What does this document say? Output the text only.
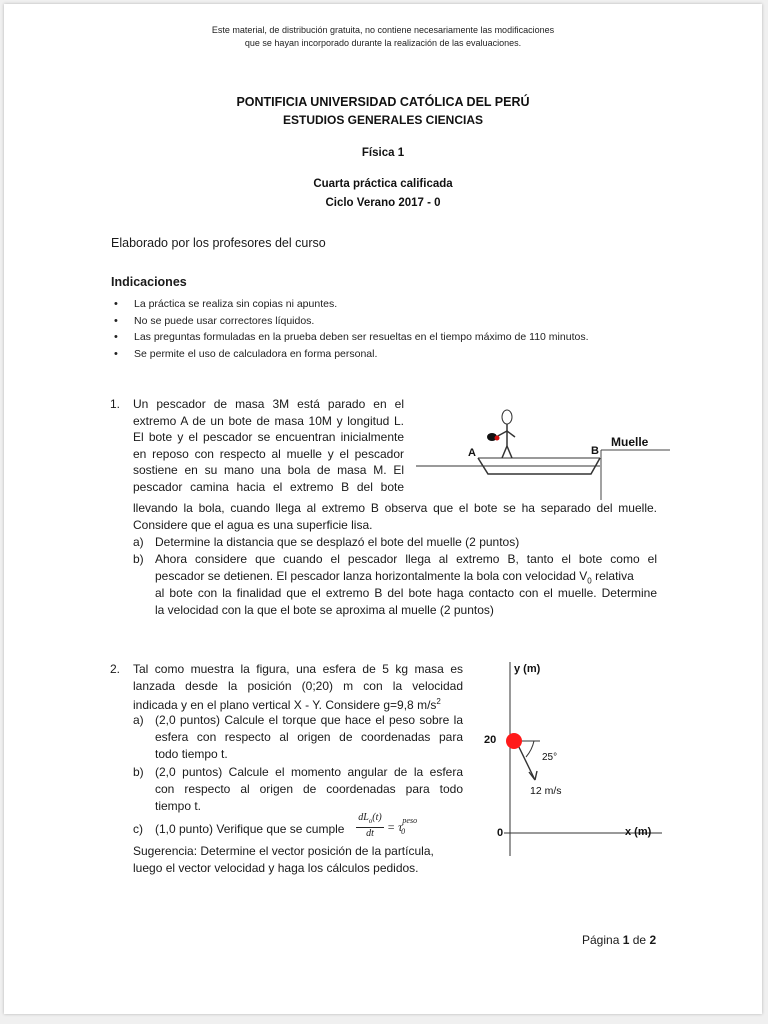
Este material, de distribución gratuita, no contiene necesariamente las modificaciones
que se hayan incorporado durante la realización de las evaluaciones.
PONTIFICIA UNIVERSIDAD CATÓLICA DEL PERÚ
ESTUDIOS GENERALES CIENCIAS
Física 1
Cuarta práctica calificada
Ciclo Verano 2017 - 0
Elaborado por los profesores del curso
Indicaciones
• La práctica se realiza sin copias ni apuntes.
• No se puede usar correctores líquidos.
• Las preguntas formuladas en la prueba deben ser resueltas en el tiempo máximo de 110 minutos.
• Se permite el uso de calculadora en forma personal.
1. Un pescador de masa 3M está parado en el
extremo A de un bote de masa 10M y longitud L.
El bote y el pescador se encuentran inicialmente
en reposo con respecto al muelle y el pescador
sostiene en su mano una bola de masa M. El
pescador camina hacia el extremo B del bote
llevando la bola, cuando llega al extremo B observa que el bote se ha separado del muelle.
Considere que el agua es una superficie lisa.
a) Determine la distancia que se desplazó el bote del muelle (2 puntos)
b) Ahora considere que cuando el pescador llega al extremo B, tanto el bote como el
pescador se detienen. El pescador lanza horizontalmente la bola con velocidad $V_0$ relativa
al bote con la finalidad que el extremo B del bote haga contacto con el muelle. Determine
la velocidad con la que el bote se aproxima al muelle (2 puntos)
A	B
Muelle
2. Tal como muestra la figura, una esfera de 5 kg masa es
lanzada desde la posición (0;20) m con la velocidad
indicada y en el plano vertical X - Y. Considere g=9,8 $m/s^2$
a) (2,0 puntos) Calcule el torque que hace el peso sobre la
esfera con respecto al origen de coordenadas para
todo tiempo t.
b) (2,0 puntos) Calcule el momento angular de la esfera
con respecto al origen de coordenadas para todo
tiempo t.
c) (1,0 punto) Verifique que se cumple
$dL_o(t)$
dt	= $\tau^{peso}_0$
Sugerencia: Determine el vector posición de la partícula,
luego el vector velocidad y haga los cálculos pedidos.
y (m)
x (m)
0
20
25°
12 m/s
Página 1 de 2
